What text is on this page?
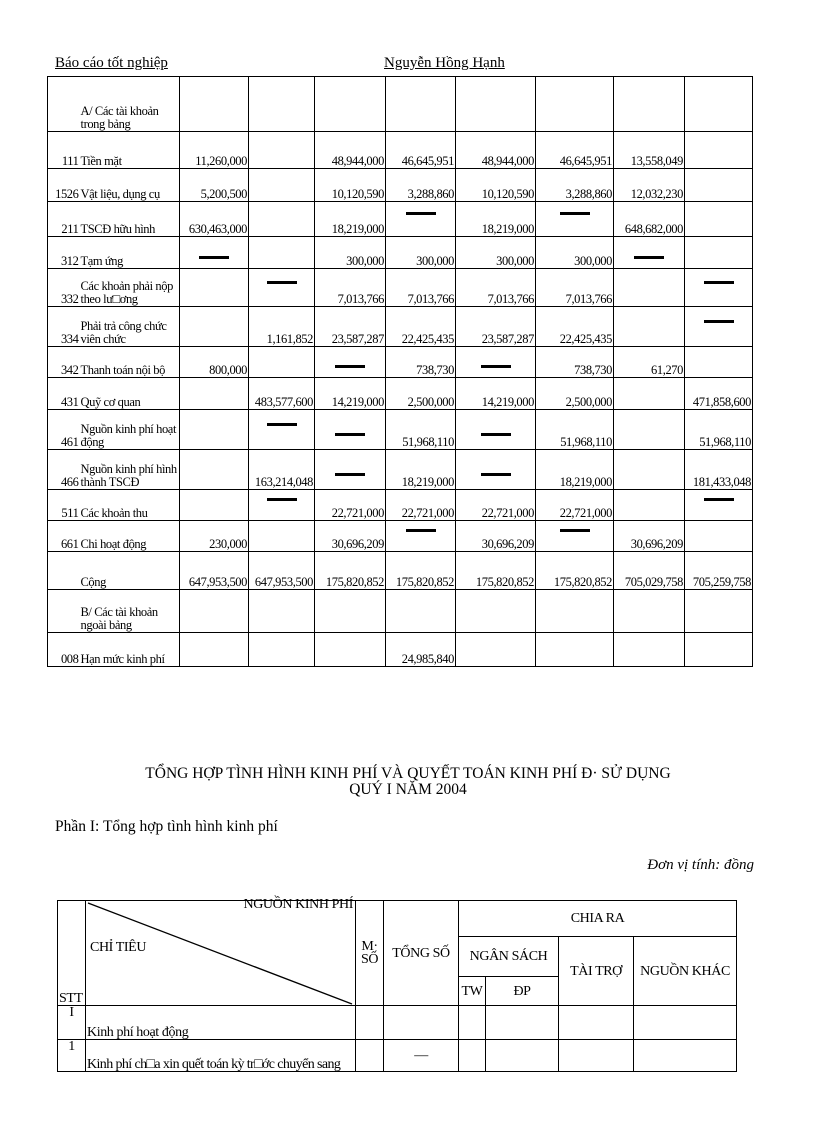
Báo cáo tốt nghiệp	Nguyễn Hồng Hạnh
	A/ Các tài khoản trong bảng								
111	Tiền mặt	11,260,000		48,944,000	46,645,951	48,944,000	46,645,951	13,558,049	
1526	Vật liệu, dụng cụ	5,200,500		10,120,590	3,288,860	10,120,590	3,288,860	12,032,230	
211	TSCĐ hữu hình	630,463,000		18,219,000		18,219,000		648,682,000	
312	Tạm ứng			300,000	300,000	300,000	300,000		
332	Các khoản phải nộp theo lư□ơng			7,013,766	7,013,766	7,013,766	7,013,766		
334	Phải trả công chức viên chức		1,161,852	23,587,287	22,425,435	23,587,287	22,425,435		
342	Thanh toán nội bộ	800,000			738,730		738,730	61,270	
431	Quỹ cơ quan		483,577,600	14,219,000	2,500,000	14,219,000	2,500,000		471,858,600
461	Nguồn kinh phí hoạt động				51,968,110		51,968,110		51,968,110
466	Nguồn kinh phí hình thành TSCĐ		163,214,048		18,219,000		18,219,000		181,433,048
511	Các khoản thu			22,721,000	22,721,000	22,721,000	22,721,000		
661	Chi hoạt động	230,000		30,696,209		30,696,209		30,696,209	
	Cộng	647,953,500	647,953,500	175,820,852	175,820,852	175,820,852	175,820,852	705,029,758	705,259,758
	B/ Các tài khoản ngoài bảng								
008	Hạn mức kinh phí				24,985,840				
TỔNG HỢP TÌNH HÌNH KINH PHÍ VÀ QUYẾT TOÁN KINH PHÍ Đ· SỬ DỤNG
QUÝ I NĂM 2004
Phần I: Tổng hợp tình hình kinh phí
Đơn vị tính: đồng
STT	NGUỒN KINH PHÍ
CHỈ TIÊU	M· SỐ	TỔNG SỐ	CHIA RA			
				NGÂN SÁCH		TÀI TRỢ	NGUỒN KHÁC
				TW	ĐP		
I	Kinh phí hoạt động						
1	Kinh phí ch□a xin quết toán kỳ tr□ớc chuyển sang		—				
